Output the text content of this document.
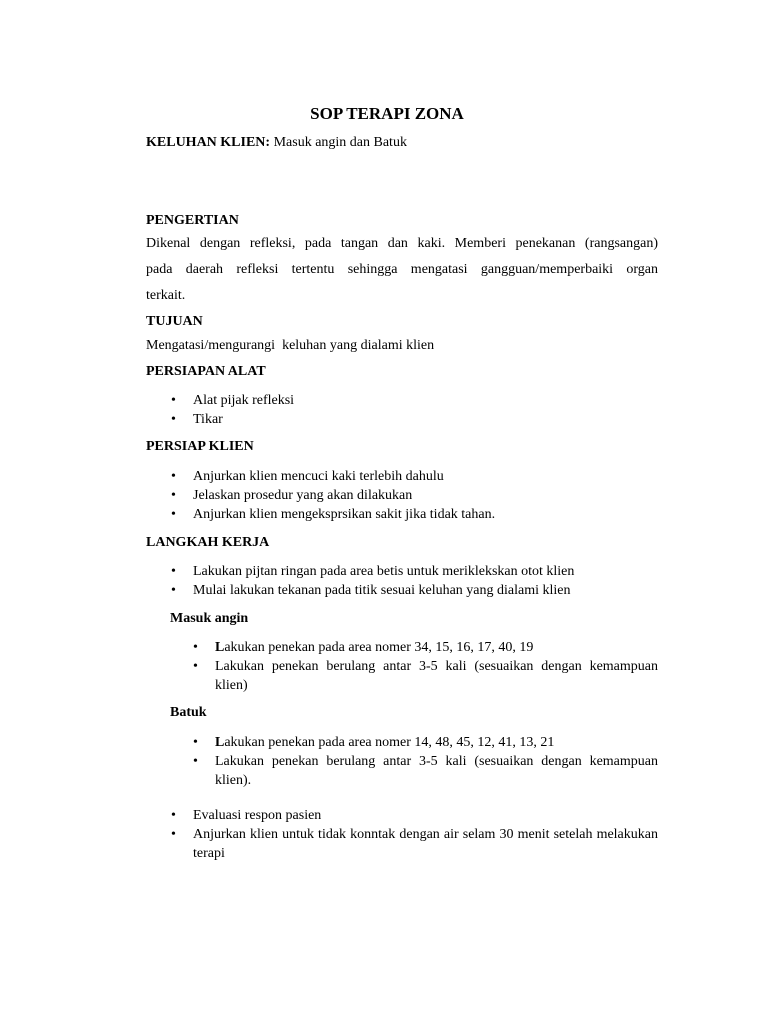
SOP TERAPI ZONA
KELUHAN KLIEN: Masuk angin dan Batuk
PENGERTIAN
Dikenal dengan refleksi, pada tangan dan kaki. Memberi penekanan (rangsangan)
pada daerah refleksi tertentu sehingga mengatasi gangguan/memperbaiki organ
terkait.
TUJUAN
Mengatasi/mengurangi  keluhan yang dialami klien
PERSIAPAN ALAT
• Alat pijak refleksi
• Tikar
PERSIAP KLIEN
• Anjurkan klien mencuci kaki terlebih dahulu
• Jelaskan prosedur yang akan dilakukan
• Anjurkan klien mengeksprsikan sakit jika tidak tahan.
LANGKAH KERJA
• Lakukan pijtan ringan pada area betis untuk meriklekskan otot klien
• Mulai lakukan tekanan pada titik sesuai keluhan yang dialami klien
Masuk angin
• Lakukan penekan pada area nomer 34, 15, 16, 17, 40, 19
• Lakukan penekan berulang antar 3-5 kali (sesuaikan dengan kemampuan klien)
Batuk
• Lakukan penekan pada area nomer 14, 48, 45, 12, 41, 13, 21
• Lakukan penekan berulang antar 3-5 kali (sesuaikan dengan kemampuan klien).
• Evaluasi respon pasien
• Anjurkan klien untuk tidak konntak dengan air selam 30 menit setelah melakukan terapi
